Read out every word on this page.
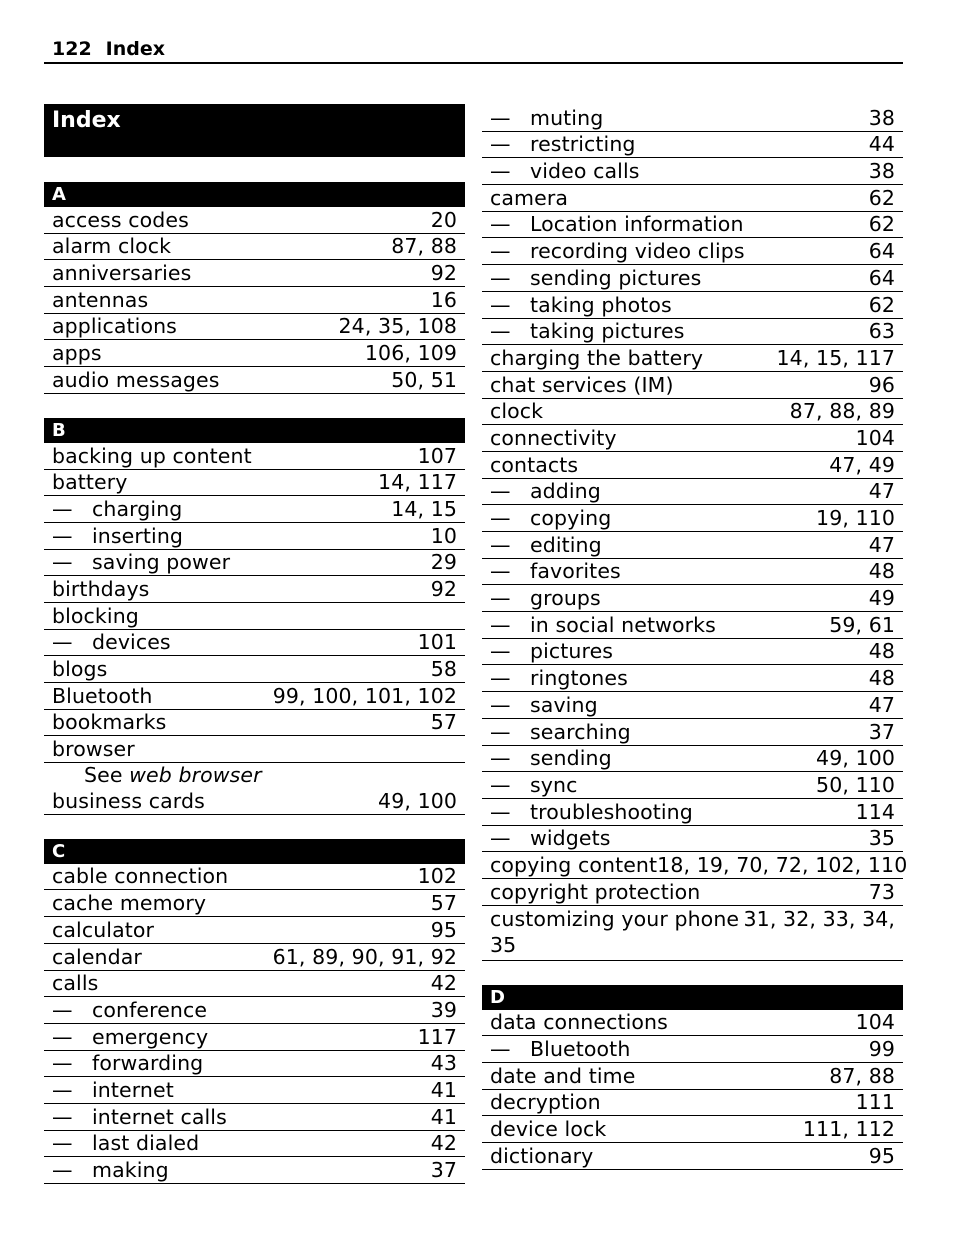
122 Index
Index
A
access codes	20
alarm clock	87, 88
anniversaries	92
antennas	16
applications	24, 35, 108
apps	106, 109
audio messages	50, 51
B
backing up content	107
battery	14, 117
— charging	14, 15
— inserting	10
— saving power	29
birthdays	92
blocking
— devices	101
blogs	58
Bluetooth	99, 100, 101, 102
bookmarks	57
browser
See web browser
business cards	49, 100
C
cable connection	102
cache memory	57
calculator	95
calendar	61, 89, 90, 91, 92
calls	42
— conference	39
— emergency	117
— forwarding	43
— internet	41
— internet calls	41
— last dialed	42
— making	37
— muting	38
— restricting	44
— video calls	38
camera	62
— Location information	62
— recording video clips	64
— sending pictures	64
— taking photos	62
— taking pictures	63
charging the battery	14, 15, 117
chat services (IM)	96
clock	87, 88, 89
connectivity	104
contacts	47, 49
— adding	47
— copying	19, 110
— editing	47
— favorites	48
— groups	49
— in social networks	59, 61
— pictures	48
— ringtones	48
— saving	47
— searching	37
— sending	49, 100
— sync	50, 110
— troubleshooting	114
— widgets	35
copying content 18, 19, 70, 72, 102, 110
copyright protection	73
customizing your phone 31, 32, 33, 34,
35
D
data connections	104
— Bluetooth	99
date and time	87, 88
decryption	111
device lock	111, 112
dictionary	95
